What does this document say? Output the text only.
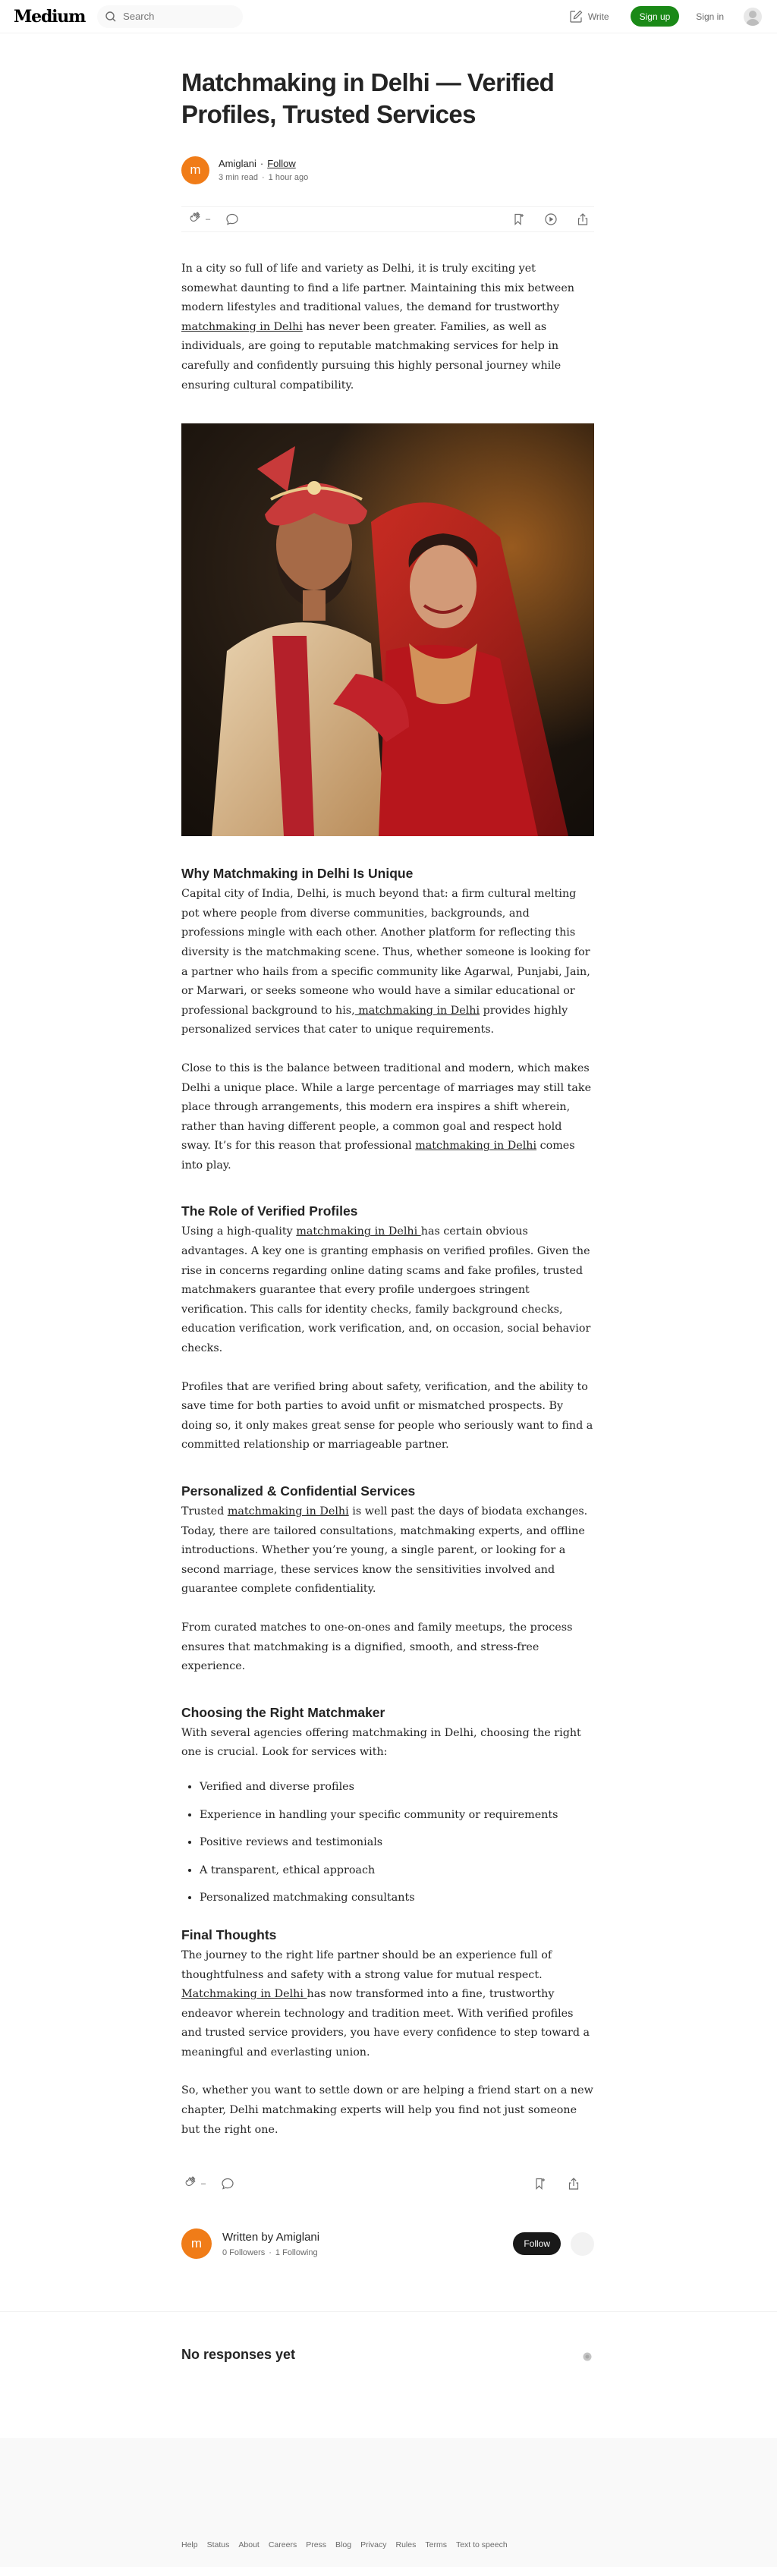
Medium
Search	Write	Sign up	Sign in
Matchmaking in Delhi — Verified Profiles, Trusted Services
m	Amiglani · Follow
3 min read · 1 hour ago
–

In a city so full of life and variety as Delhi, it is truly exciting yet somewhat daunting to find a life partner. Maintaining this mix between modern lifestyles and traditional values, the demand for trustworthy matchmaking in Delhi has never been greater. Families, as well as individuals, are going to reputable matchmaking services for help in carefully and confidently pursuing this highly personal journey while ensuring cultural compatibility.

Why Matchmaking in Delhi Is Unique

Capital city of India, Delhi, is much beyond that: a firm cultural melting pot where people from diverse communities, backgrounds, and professions mingle with each other. Another platform for reflecting this diversity is the matchmaking scene. Thus, whether someone is looking for a partner who hails from a specific community like Agarwal, Punjabi, Jain, or Marwari, or seeks someone who would have a similar educational or professional background to his, matchmaking in Delhi provides highly personalized services that cater to unique requirements.

Close to this is the balance between traditional and modern, which makes Delhi a unique place. While a large percentage of marriages may still take place through arrangements, this modern era inspires a shift wherein, rather than having different people, a common goal and respect hold sway. It’s for this reason that professional matchmaking in Delhi comes into play.

The Role of Verified Profiles

Using a high-quality matchmaking in Delhi has certain obvious advantages. A key one is granting emphasis on verified profiles. Given the rise in concerns regarding online dating scams and fake profiles, trusted matchmakers guarantee that every profile undergoes stringent verification. This calls for identity checks, family background checks, education verification, work verification, and, on occasion, social behavior checks.

Profiles that are verified bring about safety, verification, and the ability to save time for both parties to avoid unfit or mismatched prospects. By doing so, it only makes great sense for people who seriously want to find a committed relationship or marriageable partner.

Personalized & Confidential Services

Trusted matchmaking in Delhi is well past the days of biodata exchanges. Today, there are tailored consultations, matchmaking experts, and offline introductions. Whether you’re young, a single parent, or looking for a second marriage, these services know the sensitivities involved and guarantee complete confidentiality.

From curated matches to one-on-ones and family meetups, the process ensures that matchmaking is a dignified, smooth, and stress-free experience.

Choosing the Right Matchmaker

With several agencies offering matchmaking in Delhi, choosing the right one is crucial. Look for services with:

• Verified and diverse profiles
• Experience in handling your specific community or requirements
• Positive reviews and testimonials
• A transparent, ethical approach
• Personalized matchmaking consultants
Final Thoughts

The journey to the right life partner should be an experience full of thoughtfulness and safety with a strong value for mutual respect. Matchmaking in Delhi has now transformed into a fine, trustworthy endeavor wherein technology and tradition meet. With verified profiles and trusted service providers, you have every confidence to step toward a meaningful and everlasting union.

So, whether you want to settle down or are helping a friend start on a new chapter, Delhi matchmaking experts will help you find not just someone but the right one.

–
m	Written by Amiglani
0 Followers · 1 Following
Follow
No responses yet
Help Status About Careers Press Blog Privacy Rules Terms Text to speech
